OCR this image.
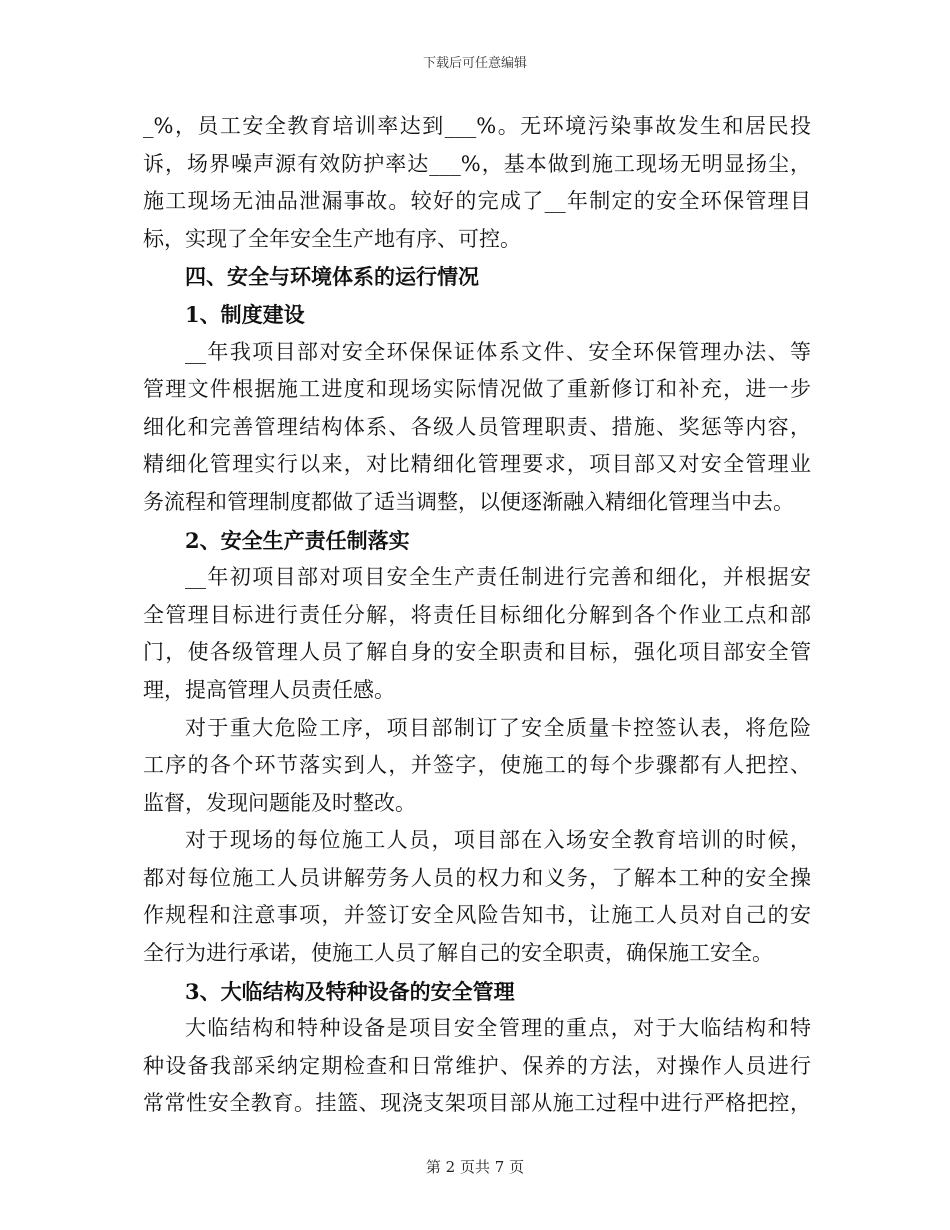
下载后可任意编辑
_%，员工安全教育培训率达到___%。无环境污染事故发生和居民投
诉，场界噪声源有效防护率达___%，基本做到施工现场无明显扬尘，
施工现场无油品泄漏事故。较好的完成了__年制定的安全环保管理目
标，实现了全年安全生产地有序、可控。
四、安全与环境体系的运行情况
1、制度建设
__年我项目部对安全环保保证体系文件、安全环保管理办法、等
管理文件根据施工进度和现场实际情况做了重新修订和补充，进一步
细化和完善管理结构体系、各级人员管理职责、措施、奖惩等内容，
精细化管理实行以来，对比精细化管理要求，项目部又对安全管理业
务流程和管理制度都做了适当调整，以便逐渐融入精细化管理当中去。
2、安全生产责任制落实
__年初项目部对项目安全生产责任制进行完善和细化，并根据安
全管理目标进行责任分解，将责任目标细化分解到各个作业工点和部
门，使各级管理人员了解自身的安全职责和目标，强化项目部安全管
理，提高管理人员责任感。
对于重大危险工序，项目部制订了安全质量卡控签认表，将危险
工序的各个环节落实到人，并签字，使施工的每个步骤都有人把控、
监督，发现问题能及时整改。
对于现场的每位施工人员，项目部在入场安全教育培训的时候，
都对每位施工人员讲解劳务人员的权力和义务，了解本工种的安全操
作规程和注意事项，并签订安全风险告知书，让施工人员对自己的安
全行为进行承诺，使施工人员了解自己的安全职责，确保施工安全。
3、大临结构及特种设备的安全管理
大临结构和特种设备是项目安全管理的重点，对于大临结构和特
种设备我部采纳定期检查和日常维护、保养的方法，对操作人员进行
常常性安全教育。挂篮、现浇支架项目部从施工过程中进行严格把控，
第 2 页共 7 页
